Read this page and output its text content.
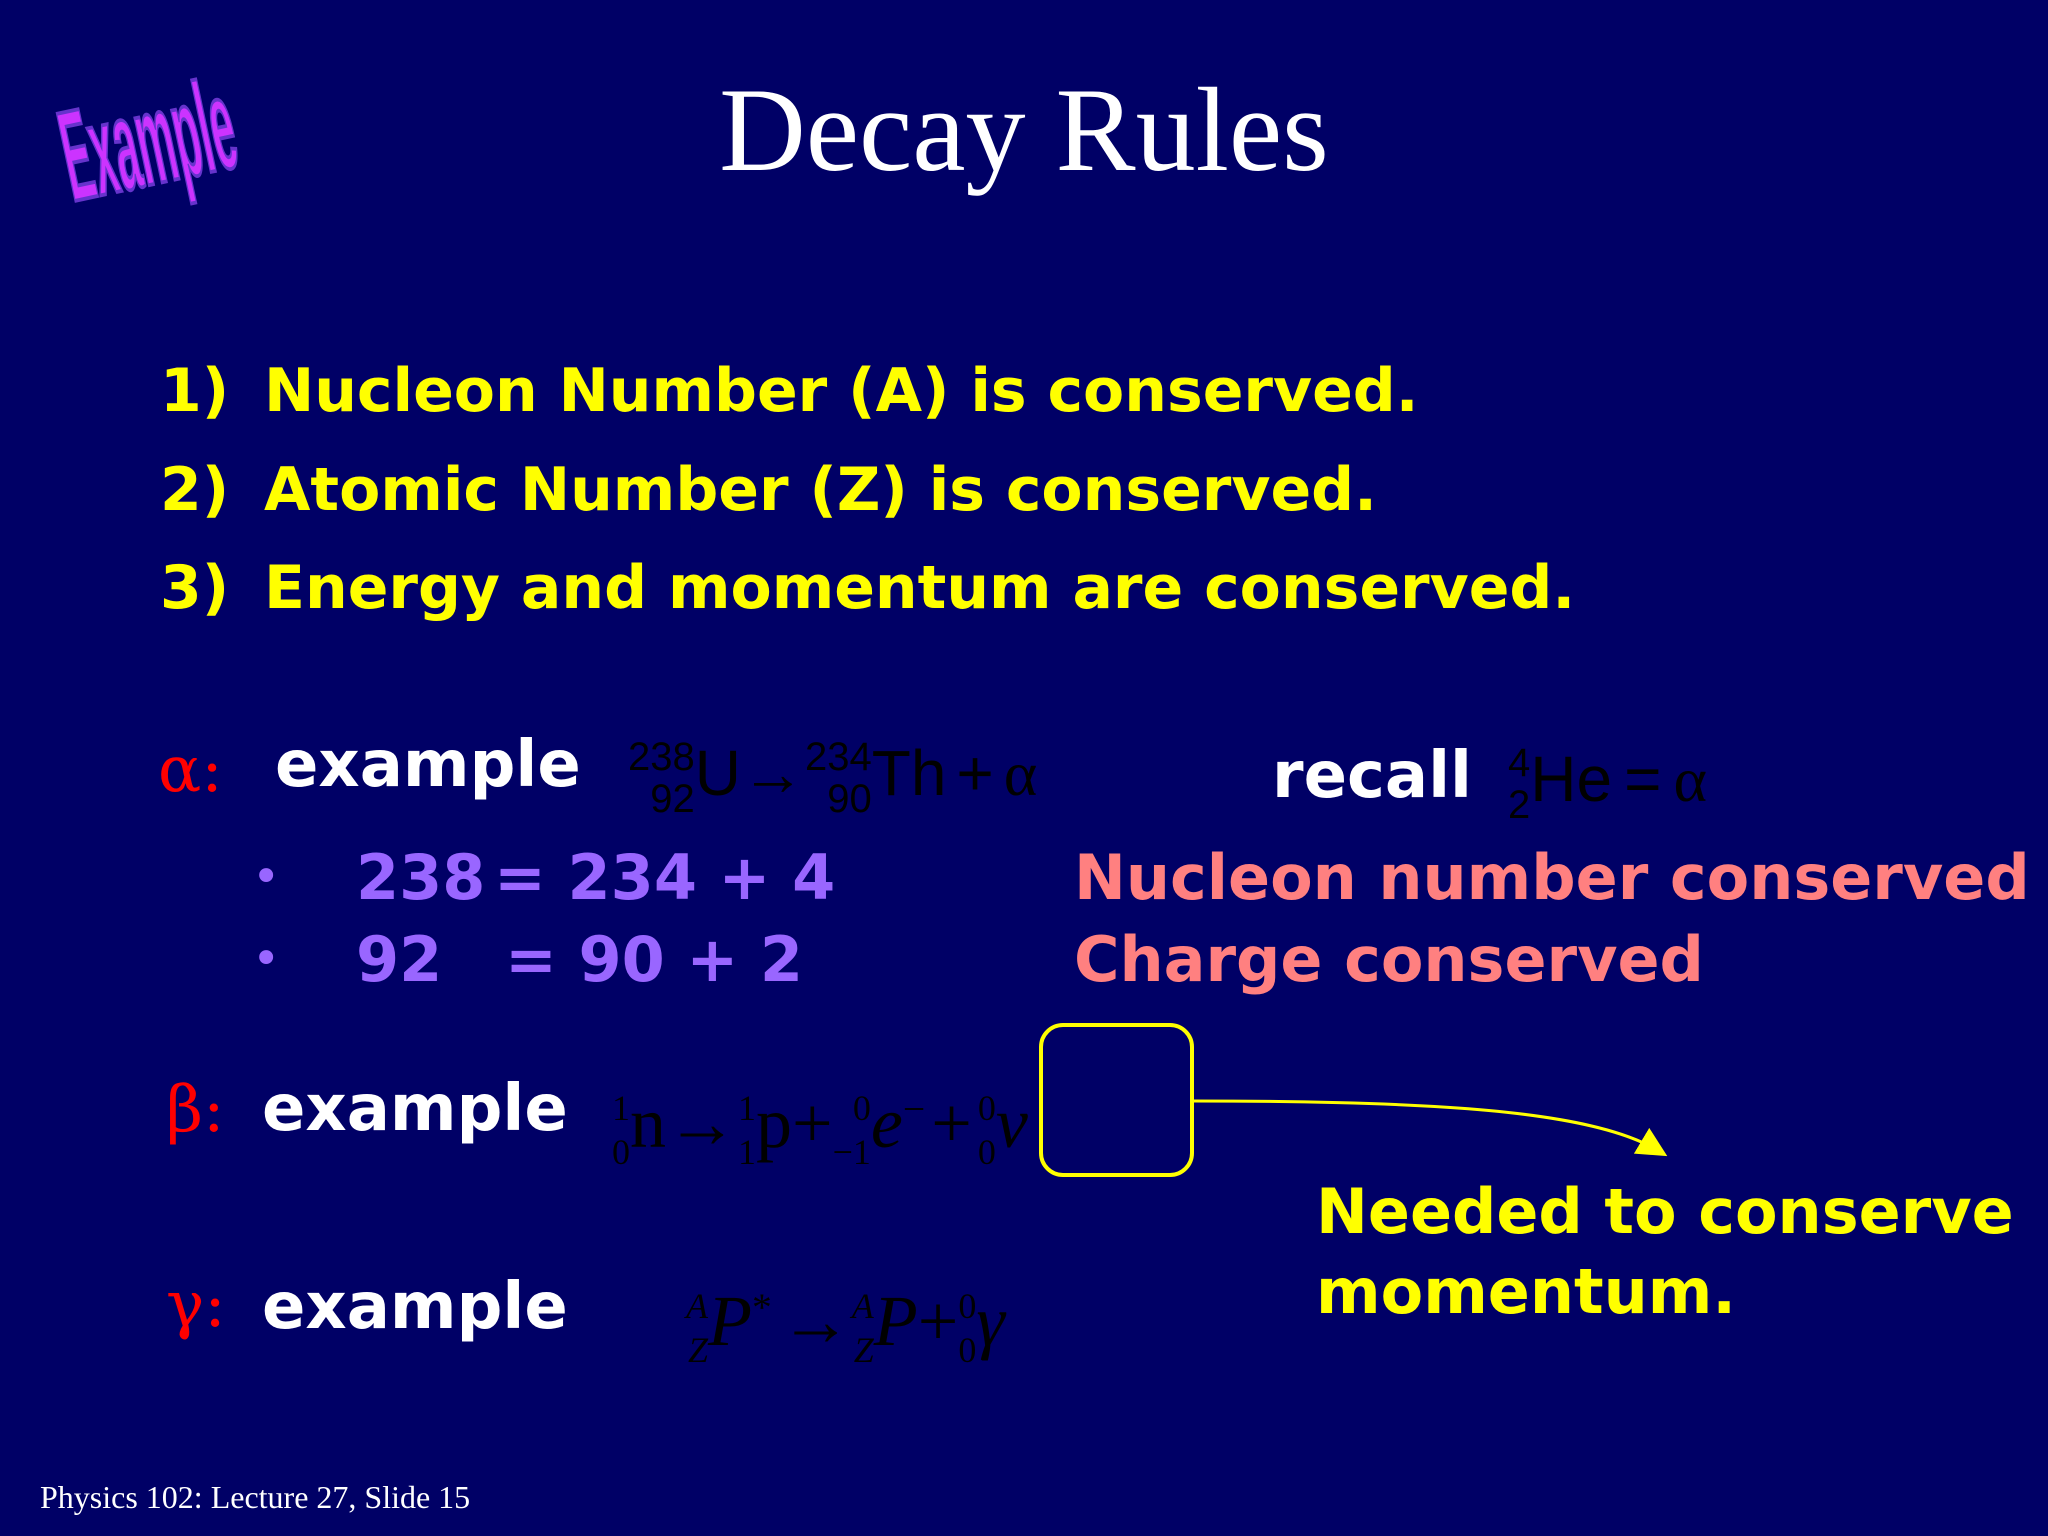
Example	Decay Rules
1) Nucleon Number (A) is conserved.
2) Atomic Number (Z) is conserved.
3) Energy and momentum are conserved.
α: example 238
92U→234
90Th + α	recall 4
2He = α
• 238 = 234 + 4	Nucleon number conserved
• 92 = 90 + 2	Charge conserved
β: example 1
0n→1
1p+ 0
−1e−+ 0
0ν
Needed to conserve momentum.
γ: example	A
ZP* →A
ZP+0
0γ
Physics 102: Lecture 27, Slide 15
